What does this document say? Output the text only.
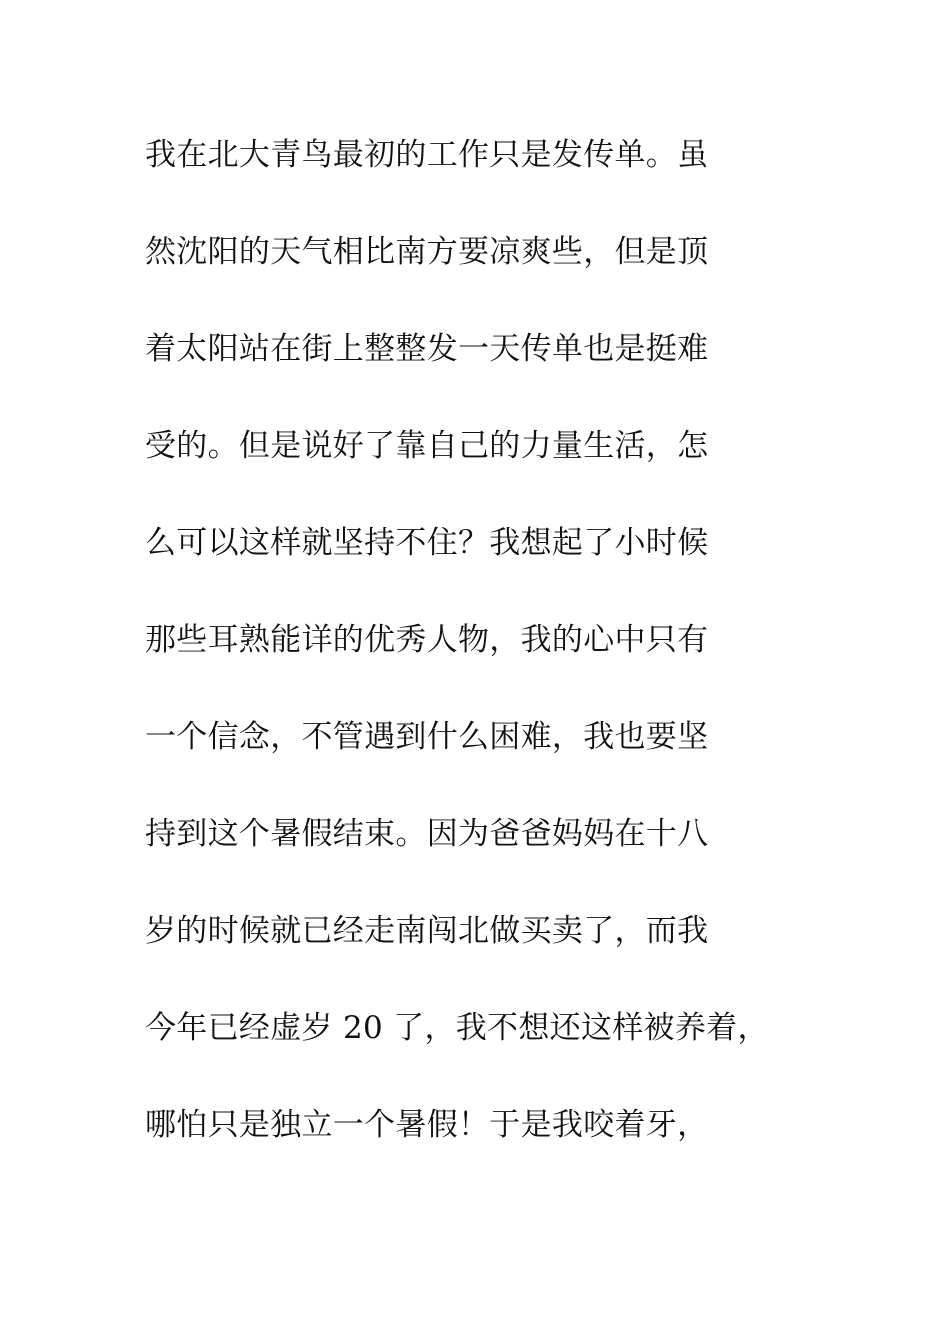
我在北大青鸟最初的工作只是发传单。虽
然沈阳的天气相比南方要凉爽些，但是顶
着太阳站在街上整整发一天传单也是挺难
受的。但是说好了靠自己的力量生活，怎
么可以这样就坚持不住？我想起了小时候
那些耳熟能详的优秀人物，我的心中只有
一个信念，不管遇到什么困难，我也要坚
持到这个暑假结束。因为爸爸妈妈在十八
岁的时候就已经走南闯北做买卖了，而我
今年已经虚岁 20 了，我不想还这样被养着，
哪怕只是独立一个暑假！于是我咬着牙，
